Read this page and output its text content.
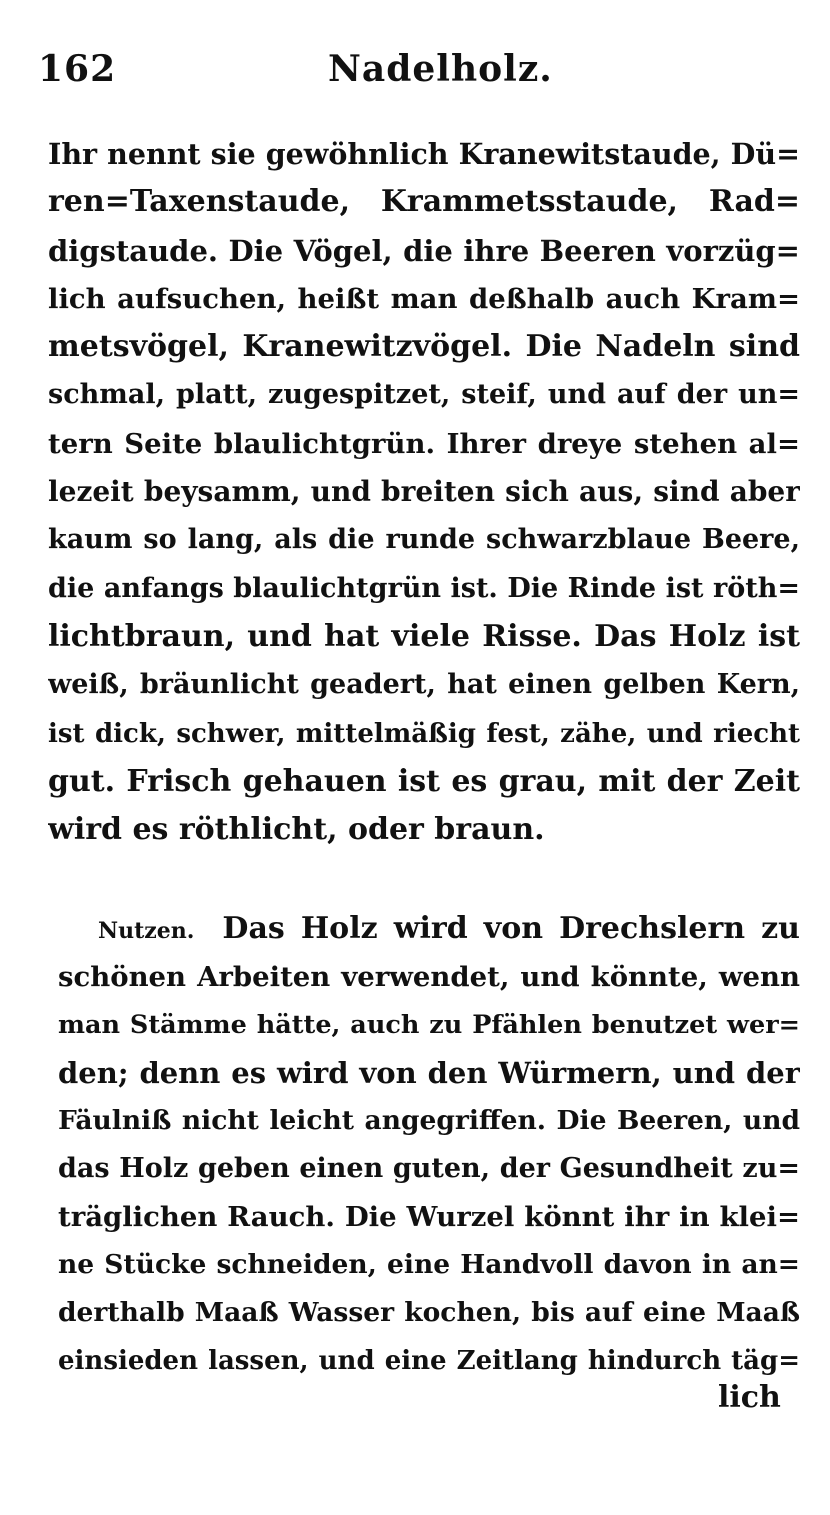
162	Nadelholz.
Ihr nennt sie gewöhnlich Kranewitstaude, Dü=
ren=Taxenstaude, Krammetsstaude, Rad=
digstaude. Die Vögel, die ihre Beeren vorzüg=
lich aufsuchen, heißt man deßhalb auch Kram=
metsvögel, Kranewitzvögel. Die Nadeln sind
schmal, platt, zugespitzet, steif, und auf der un=
tern Seite blaulichtgrün. Ihrer dreye stehen al=
lezeit beysamm, und breiten sich aus, sind aber
kaum so lang, als die runde schwarzblaue Beere,
die anfangs blaulichtgrün ist. Die Rinde ist röth=
lichtbraun, und hat viele Risse. Das Holz ist
weiß, bräunlicht geadert, hat einen gelben Kern,
ist dick, schwer, mittelmäßig fest, zähe, und riecht
gut. Frisch gehauen ist es grau, mit der Zeit
wird es röthlicht, oder braun.
Nutzen. Das Holz wird von Drechslern zu
schönen Arbeiten verwendet, und könnte, wenn
man Stämme hätte, auch zu Pfählen benutzet wer=
den; denn es wird von den Würmern, und der
Fäulniß nicht leicht angegriffen. Die Beeren, und
das Holz geben einen guten, der Gesundheit zu=
träglichen Rauch. Die Wurzel könnt ihr in klei=
ne Stücke schneiden, eine Handvoll davon in an=
derthalb Maaß Wasser kochen, bis auf eine Maaß
einsieden lassen, und eine Zeitlang hindurch täg=
lich
